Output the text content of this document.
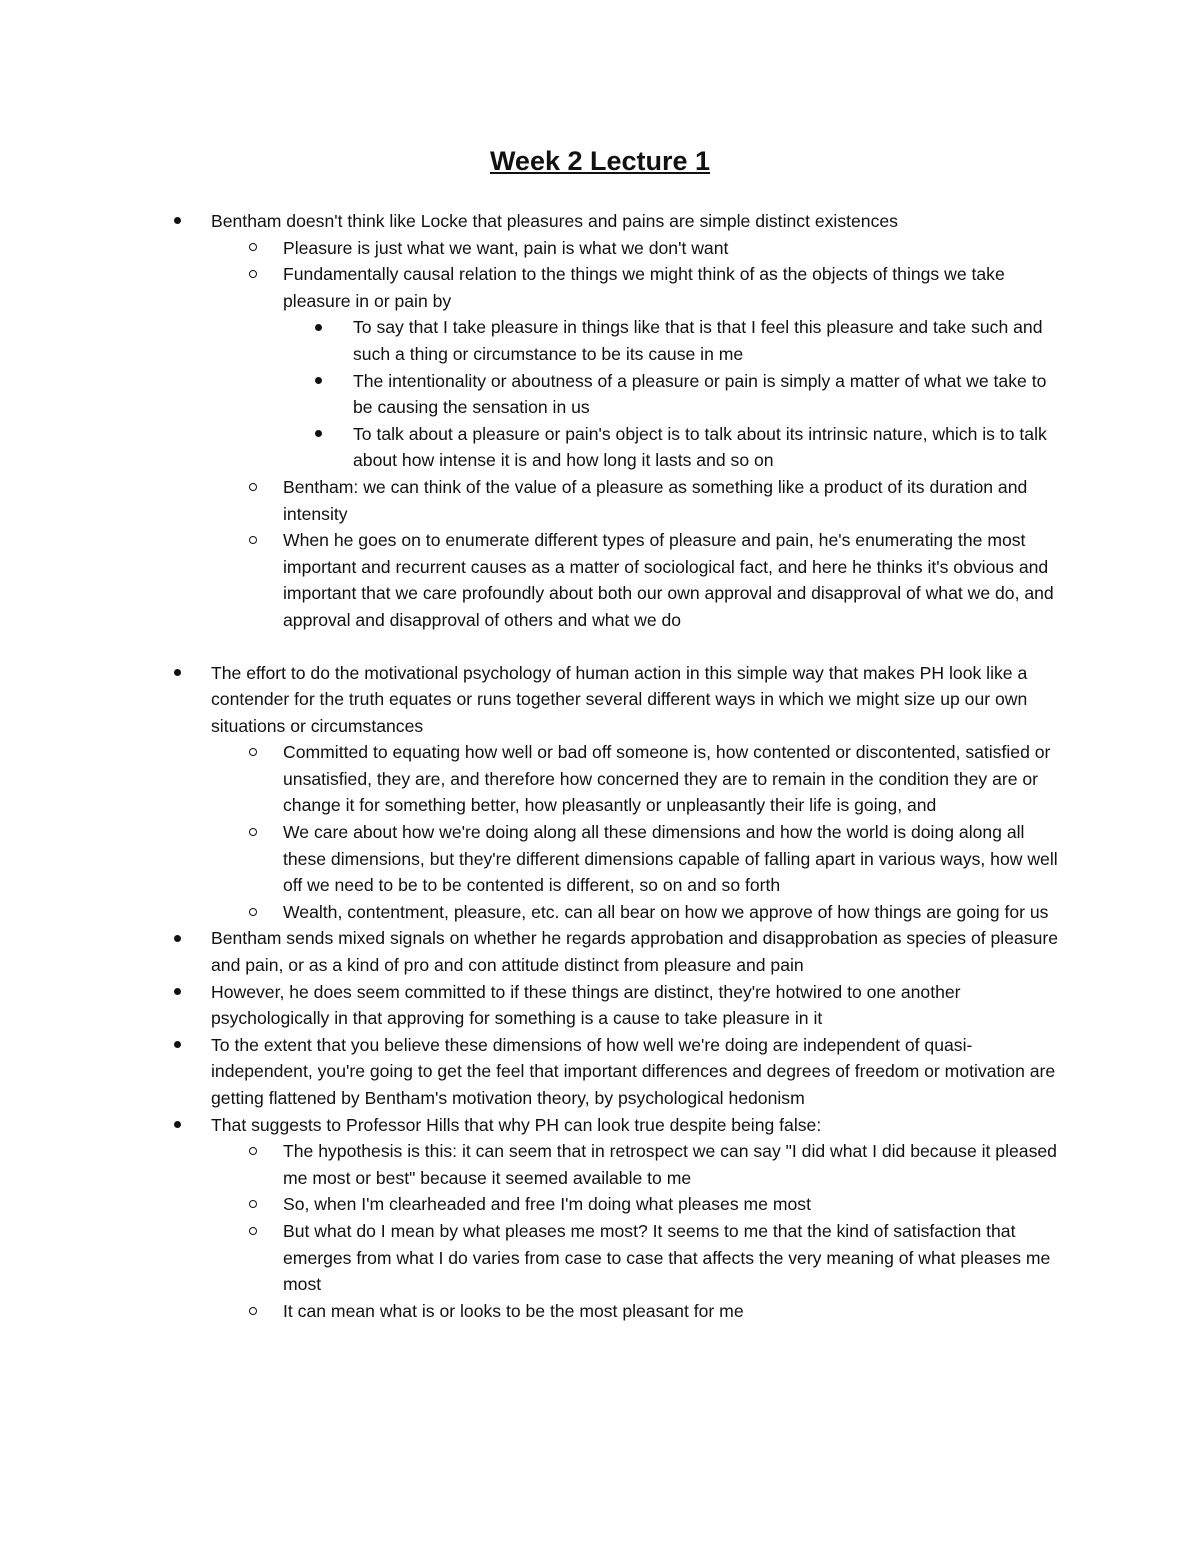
Week 2 Lecture 1
Bentham doesn't think like Locke that pleasures and pains are simple distinct existences
Pleasure is just what we want, pain is what we don't want
Fundamentally causal relation to the things we might think of as the objects of things we take pleasure in or pain by
To say that I take pleasure in things like that is that I feel this pleasure and take such and such a thing or circumstance to be its cause in me
The intentionality or aboutness of a pleasure or pain is simply a matter of what we take to be causing the sensation in us
To talk about a pleasure or pain's object is to talk about its intrinsic nature, which is to talk about how intense it is and how long it lasts and so on
Bentham: we can think of the value of a pleasure as something like a product of its duration and intensity
When he goes on to enumerate different types of pleasure and pain, he's enumerating the most important and recurrent causes as a matter of sociological fact, and here he thinks it's obvious and important that we care profoundly about both our own approval and disapproval of what we do, and approval and disapproval of others and what we do
The effort to do the motivational psychology of human action in this simple way that makes PH look like a contender for the truth equates or runs together several different ways in which we might size up our own situations or circumstances
Committed to equating how well or bad off someone is, how contented or discontented, satisfied or unsatisfied, they are, and therefore how concerned they are to remain in the condition they are or change it for something better, how pleasantly or unpleasantly their life is going, and
We care about how we're doing along all these dimensions and how the world is doing along all these dimensions, but they're different dimensions capable of falling apart in various ways, how well off we need to be to be contented is different, so on and so forth
Wealth, contentment, pleasure, etc. can all bear on how we approve of how things are going for us
Bentham sends mixed signals on whether he regards approbation and disapprobation as species of pleasure and pain, or as a kind of pro and con attitude distinct from pleasure and pain
However, he does seem committed to if these things are distinct, they're hotwired to one another psychologically in that approving for something is a cause to take pleasure in it
To the extent that you believe these dimensions of how well we're doing are independent of quasi-independent, you're going to get the feel that important differences and degrees of freedom or motivation are getting flattened by Bentham's motivation theory, by psychological hedonism
That suggests to Professor Hills that why PH can look true despite being false:
The hypothesis is this: it can seem that in retrospect we can say "I did what I did because it pleased me most or best" because it seemed available to me
So, when I'm clearheaded and free I'm doing what pleases me most
But what do I mean by what pleases me most? It seems to me that the kind of satisfaction that emerges from what I do varies from case to case that affects the very meaning of what pleases me most
It can mean what is or looks to be the most pleasant for me
